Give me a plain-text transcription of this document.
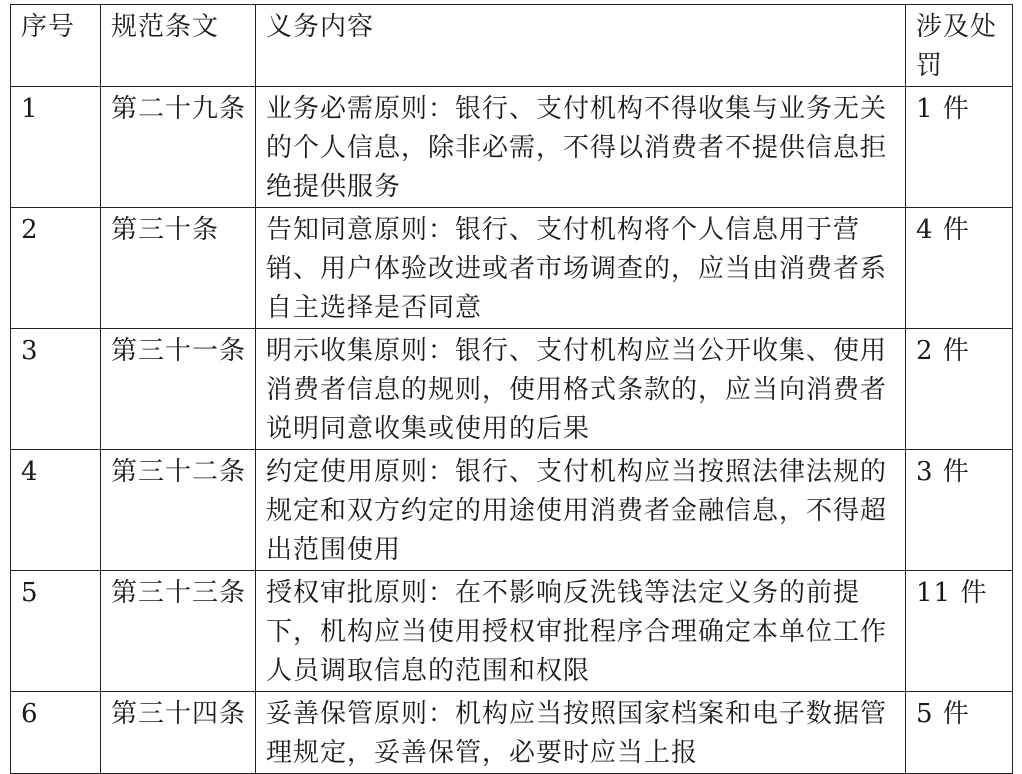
序号	规范条文	义务内容	涉及处罚
1	第二十九条	业务必需原则：银行、支付机构不得收集与业务无关的个人信息，除非必需，不得以消费者不提供信息拒绝提供服务	1 件
2	第三十条	告知同意原则：银行、支付机构将个人信息用于营销、用户体验改进或者市场调查的，应当由消费者系自主选择是否同意	4 件
3	第三十一条	明示收集原则：银行、支付机构应当公开收集、使用消费者信息的规则，使用格式条款的，应当向消费者说明同意收集或使用的后果	2 件
4	第三十二条	约定使用原则：银行、支付机构应当按照法律法规的规定和双方约定的用途使用消费者金融信息，不得超出范围使用	3 件
5	第三十三条	授权审批原则：在不影响反洗钱等法定义务的前提下，机构应当使用授权审批程序合理确定本单位工作人员调取信息的范围和权限	11 件
6	第三十四条	妥善保管原则：机构应当按照国家档案和电子数据管理规定，妥善保管，必要时应当上报	5 件
